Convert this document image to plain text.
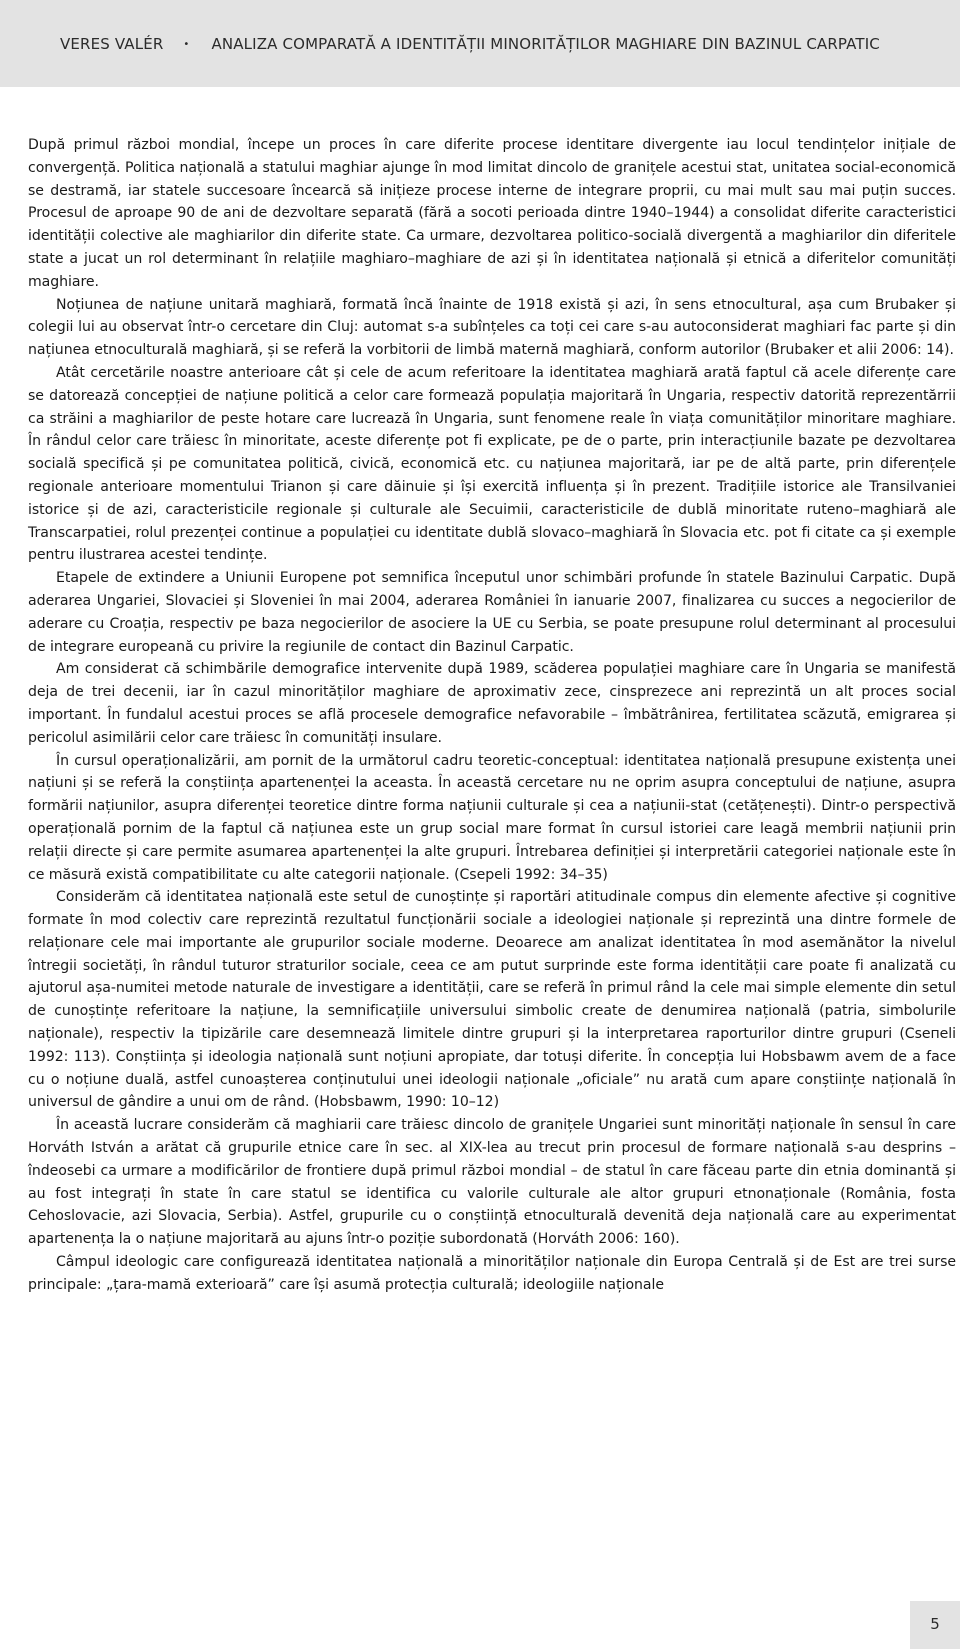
VERES VALÉR • ANALIZA COMPARATĂ A IDENTITĂȚII MINORITĂȚILOR MAGHIARE DIN BAZINUL CARPATIC

După primul război mondial, începe un proces în care diferite procese identitare divergente iau locul tendințelor inițiale de convergență. Politica națională a statului maghiar ajunge în mod limitat dincolo de granițele acestui stat, unitatea social-economică se destramă, iar statele succesoare încearcă să inițieze procese interne de integrare proprii, cu mai mult sau mai puțin succes. Procesul de aproape 90 de ani de dezvoltare separată (fără a socoti perioada dintre 1940–1944) a consolidat diferite caracteristici identității colective ale maghiarilor din diferite state. Ca urmare, dezvoltarea politico-socială divergentă a maghiarilor din diferitele state a jucat un rol determinant în relațiile maghiaro–maghiare de azi și în identitatea națională și etnică a diferitelor comunități maghiare.

Noțiunea de națiune unitară maghiară, formată încă înainte de 1918 există și azi, în sens etnocultural, așa cum Brubaker și colegii lui au observat într-o cercetare din Cluj: automat s-a subînțeles ca toți cei care s-au autoconsiderat maghiari fac parte și din națiunea etnoculturală maghiară, și se referă la vorbitorii de limbă maternă maghiară, conform autorilor (Brubaker et alii 2006: 14).

Atât cercetările noastre anterioare cât și cele de acum referitoare la identitatea maghiară arată faptul că acele diferențe care se datorează concepției de națiune politică a celor care formează populația majoritară în Ungaria, respectiv datorită reprezentărrii ca străini a maghiarilor de peste hotare care lucrează în Ungaria, sunt fenomene reale în viața comunităților minoritare maghiare. În rândul celor care trăiesc în minoritate, aceste diferențe pot fi explicate, pe de o parte, prin interacțiunile bazate pe dezvoltarea socială specifică și pe comunitatea politică, civică, economică etc. cu națiunea majoritară, iar pe de altă parte, prin diferențele regionale anterioare momentului Trianon și care dăinuie și își exercită influența și în prezent. Tradițiile istorice ale Transilvaniei istorice și de azi, caracteristicile regionale și culturale ale Secuimii, caracteristicile de dublă minoritate ruteno–maghiară ale Transcarpatiei, rolul prezenței continue a populației cu identitate dublă slovaco–maghiară în Slovacia etc. pot fi citate ca și exemple pentru ilustrarea acestei tendințe.

Etapele de extindere a Uniunii Europene pot semnifica începutul unor schimbări profunde în statele Bazinului Carpatic. După aderarea Ungariei, Slovaciei și Sloveniei în mai 2004, aderarea României în ianuarie 2007, finalizarea cu succes a negocierilor de aderare cu Croația, respectiv pe baza negocierilor de asociere la UE cu Serbia, se poate presupune rolul determinant al procesului de integrare europeană cu privire la regiunile de contact din Bazinul Carpatic.

Am considerat că schimbările demografice intervenite după 1989, scăderea populației maghiare care în Ungaria se manifestă deja de trei decenii, iar în cazul minorităților maghiare de aproximativ zece, cinsprezece ani reprezintă un alt proces social important. În fundalul acestui proces se află procesele demografice nefavorabile – îmbătrânirea, fertilitatea scăzută, emigrarea și pericolul asimilării celor care trăiesc în comunități insulare.

În cursul operaționalizării, am pornit de la următorul cadru teoretic-conceptual: identitatea națională presupune existența unei națiuni și se referă la conștiința apartenenței la aceasta. În această cercetare nu ne oprim asupra conceptului de națiune, asupra formării națiunilor, asupra diferenței teoretice dintre forma națiunii culturale și cea a națiunii-stat (cetățenești). Dintr-o perspectivă operațională pornim de la faptul că națiunea este un grup social mare format în cursul istoriei care leagă membrii națiunii prin relații directe și care permite asumarea apartenenței la alte grupuri. Întrebarea definiției și interpretării categoriei naționale este în ce măsură există compatibilitate cu alte categorii naționale. (Csepeli 1992: 34–35)

Considerăm că identitatea națională este setul de cunoștințe și raportări atitudinale compus din elemente afective și cognitive formate în mod colectiv care reprezintă rezultatul funcționării sociale a ideologiei naționale și reprezintă una dintre formele de relaționare cele mai importante ale grupurilor sociale moderne. Deoarece am analizat identitatea în mod asemănător la nivelul întregii societăți, în rândul tuturor straturilor sociale, ceea ce am putut surprinde este forma identității care poate fi analizată cu ajutorul așa-numitei metode naturale de investigare a identității, care se referă în primul rând la cele mai simple elemente din setul de cunoștințe referitoare la națiune, la semnificațiile universului simbolic create de denumirea națională (patria, simbolurile naționale), respectiv la tipizările care desemnează limitele dintre grupuri și la interpretarea raporturilor dintre grupuri (Cseпeli 1992: 113). Conștiința și ideologia națională sunt noțiuni apropiate, dar totuși diferite. În concepția lui Hobsbawm avem de a face cu o noțiune duală, astfel cunoașterea conținutului unei ideologii naționale „oficiale” nu arată cum apare conștiințe națională în universul de gândire a unui om de rând. (Hobsbawm, 1990: 10–12)

În această lucrare considerăm că maghiarii care trăiesc dincolo de granițele Ungariei sunt minorități naționale în sensul în care Horváth István a arătat că grupurile etnice care în sec. al XIX-lea au trecut prin procesul de formare națională s-au desprins – îndeosebi ca urmare a modificărilor de frontiere după primul război mondial – de statul în care făceau parte din etnia dominantă și au fost integrați în state în care statul se identifica cu valorile culturale ale altor grupuri etnonaționale (România, fosta Cehoslovacie, azi Slovacia, Serbia). Astfel, grupurile cu o conștiință etnoculturală devenită deja națională care au experimentat apartenența la o națiune majoritară au ajuns într-o poziție subordonată (Horváth 2006: 160).

Câmpul ideologic care configurează identitatea națională a minorităților naționale din Europa Centrală și de Est are trei surse principale: „țara-mamă exterioară” care își asumă protecția culturală; ideologiile naționale

5
